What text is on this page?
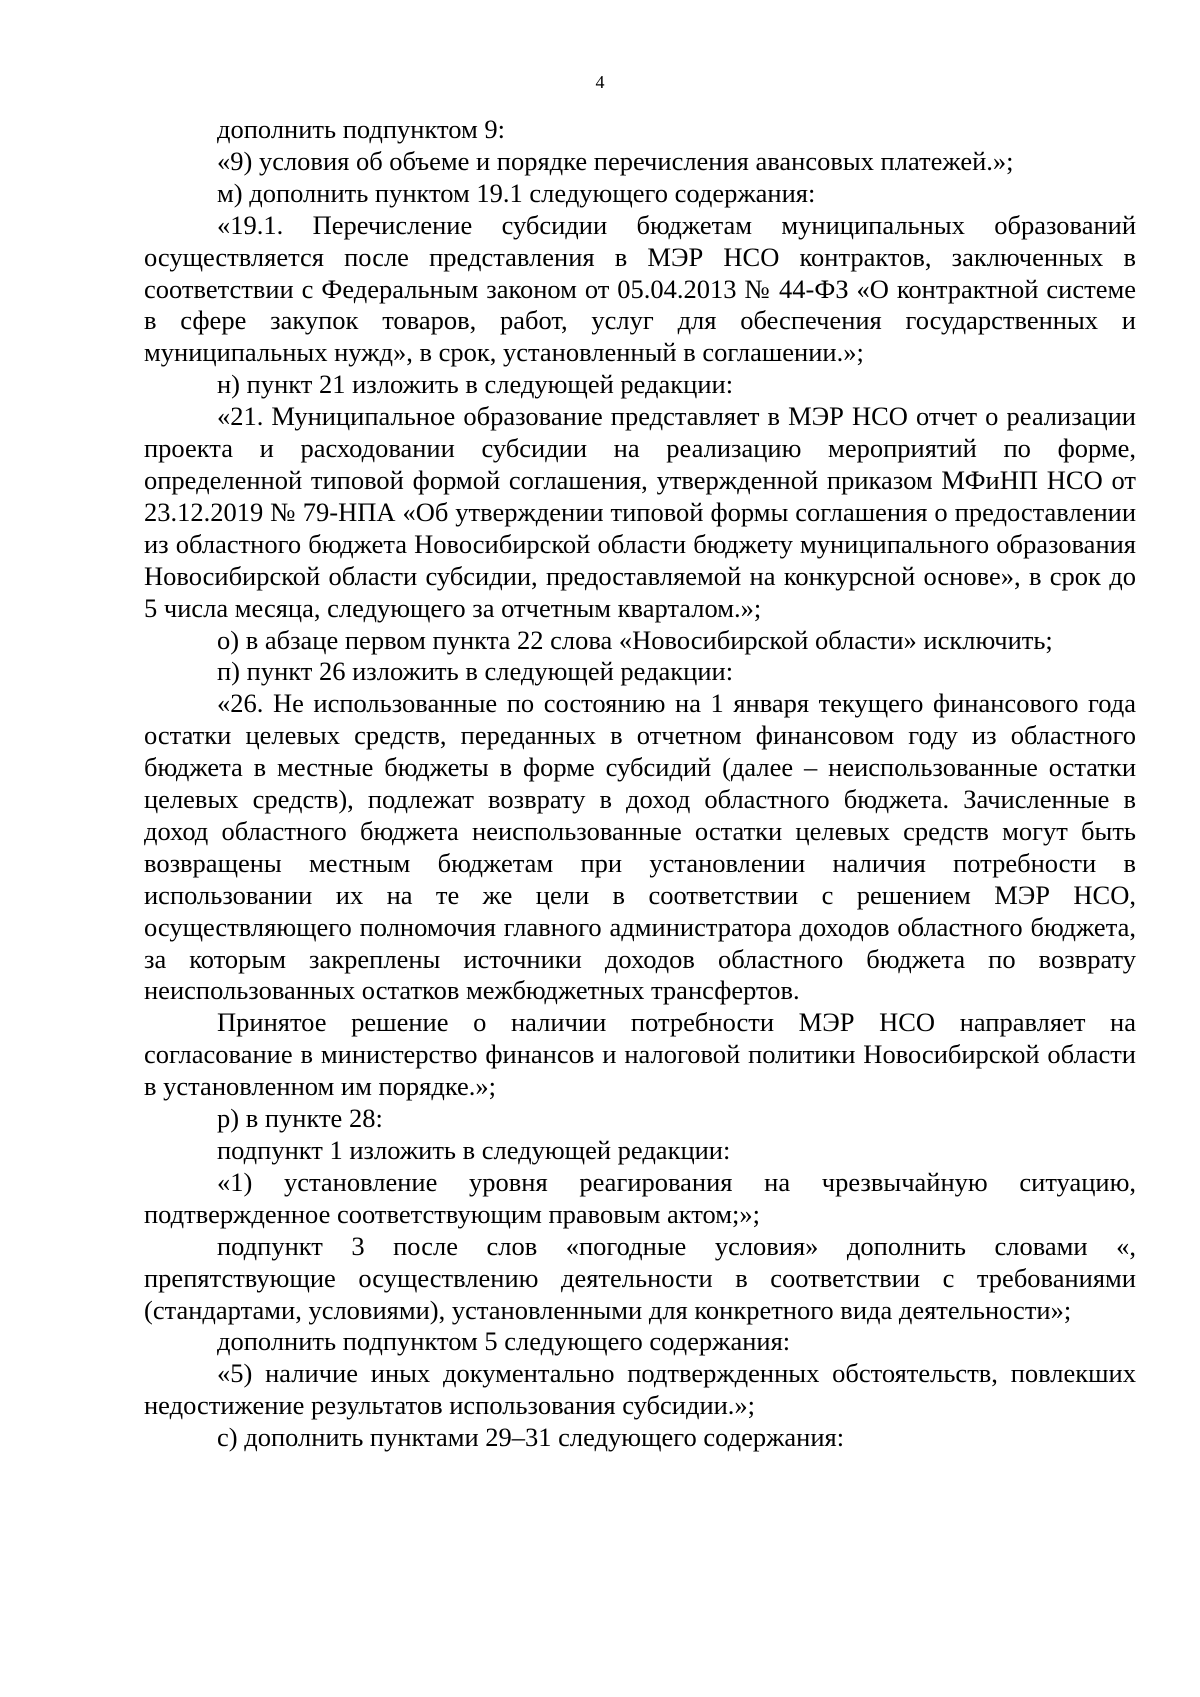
4

дополнить подпунктом 9:

«9) условия об объеме и порядке перечисления авансовых платежей.»;

м) дополнить пунктом 19.1 следующего содержания:

«19.1. Перечисление субсидии бюджетам муниципальных образований осуществляется после представления в МЭР НСО контрактов, заключенных в соответствии с Федеральным законом от 05.04.2013 № 44-ФЗ «О контрактной системе в сфере закупок товаров, работ, услуг для обеспечения государственных и муниципальных нужд», в срок, установленный в соглашении.»;

н) пункт 21 изложить в следующей редакции:

«21. Муниципальное образование представляет в МЭР НСО отчет о реализации проекта и расходовании субсидии на реализацию мероприятий по форме, определенной типовой формой соглашения, утвержденной приказом МФиНП НСО от 23.12.2019 № 79-НПА «Об утверждении типовой формы соглашения о предоставлении из областного бюджета Новосибирской области бюджету муниципального образования Новосибирской области субсидии, предоставляемой на конкурсной основе», в срок до 5 числа месяца, следующего за отчетным кварталом.»;

о) в абзаце первом пункта 22 слова «Новосибирской области» исключить;

п) пункт 26 изложить в следующей редакции:

«26. Не использованные по состоянию на 1 января текущего финансового года остатки целевых средств, переданных в отчетном финансовом году из областного бюджета в местные бюджеты в форме субсидий (далее – неиспользованные остатки целевых средств), подлежат возврату в доход областного бюджета. Зачисленные в доход областного бюджета неиспользованные остатки целевых средств могут быть возвращены местным бюджетам при установлении наличия потребности в использовании их на те же цели в соответствии с решением МЭР НСО, осуществляющего полномочия главного администратора доходов областного бюджета, за которым закреплены источники доходов областного бюджета по возврату неиспользованных остатков межбюджетных трансфертов.

Принятое решение о наличии потребности МЭР НСО направляет на согласование в министерство финансов и налоговой политики Новосибирской области в установленном им порядке.»;

р) в пункте 28:

подпункт 1 изложить в следующей редакции:

«1) установление уровня реагирования на чрезвычайную ситуацию, подтвержденное соответствующим правовым актом;»;

подпункт 3 после слов «погодные условия» дополнить словами «, препятствующие осуществлению деятельности в соответствии с требованиями (стандартами, условиями), установленными для конкретного вида деятельности»;

дополнить подпунктом 5 следующего содержания:

«5) наличие иных документально подтвержденных обстоятельств, повлекших недостижение результатов использования субсидии.»;

с) дополнить пунктами 29–31 следующего содержания:
